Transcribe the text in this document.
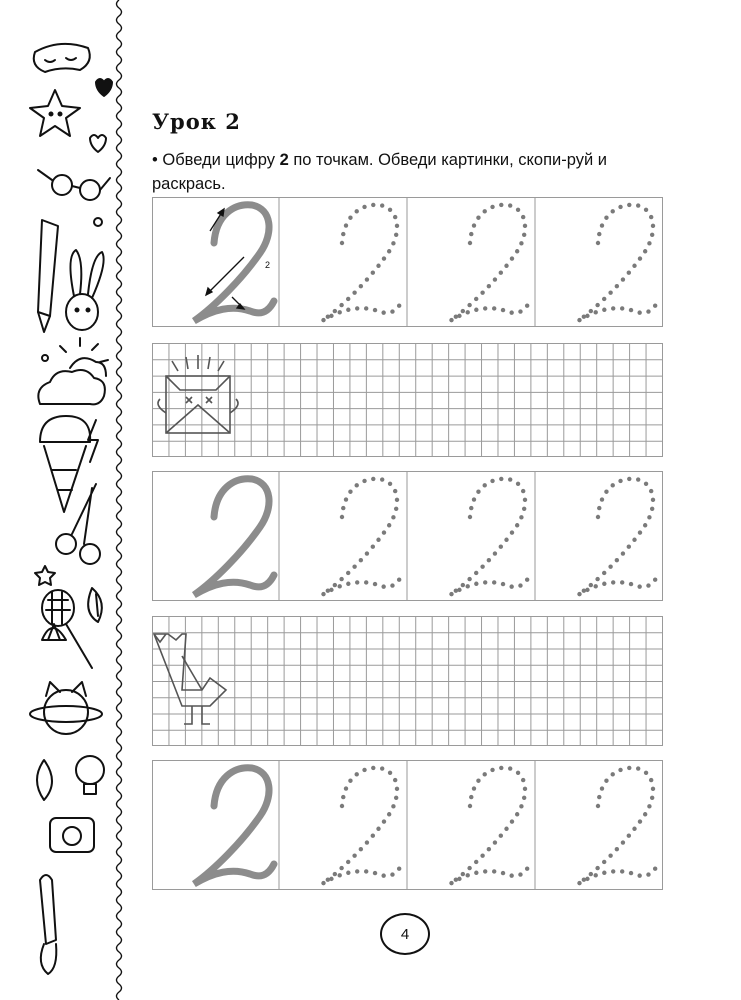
Урок 2
• Обведи цифру 2 по точкам. Обведи картинки, скопи-руй и раскрась.
2
4
